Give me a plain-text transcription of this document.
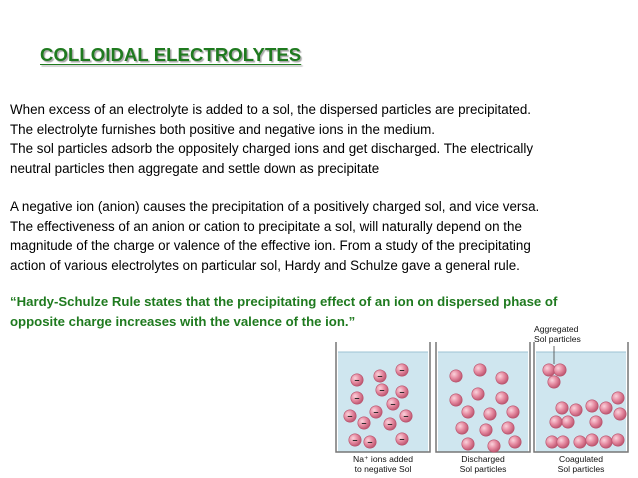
COLLOIDAL ELECTROLYTES
When excess of an electrolyte is added to a sol, the dispersed particles are precipitated.
The electrolyte furnishes both positive and negative ions in the medium.
The sol particles adsorb the oppositely charged ions and get discharged. The electrically
neutral particles then aggregate and settle down as precipitate
A negative ion (anion) causes the precipitation of a positively charged sol, and vice versa.
The effectiveness of an anion or cation to precipitate a sol, will naturally depend on the
magnitude of the charge or valence of the effective ion. From a study of the precipitating
action of various electrolytes on particular sol, Hardy and Schulze gave a general rule.
“Hardy-Schulze Rule states that the precipitating effect of an ion on dispersed phase of
opposite charge increases with the valence of the ion.”
–
–
–
– –
–
–
–
–
– –
–
– –	–
Aggregated
Sol particles
Na⁺ ions added
to negative Sol
Discharged
Sol particles
Coagulated
Sol particles
